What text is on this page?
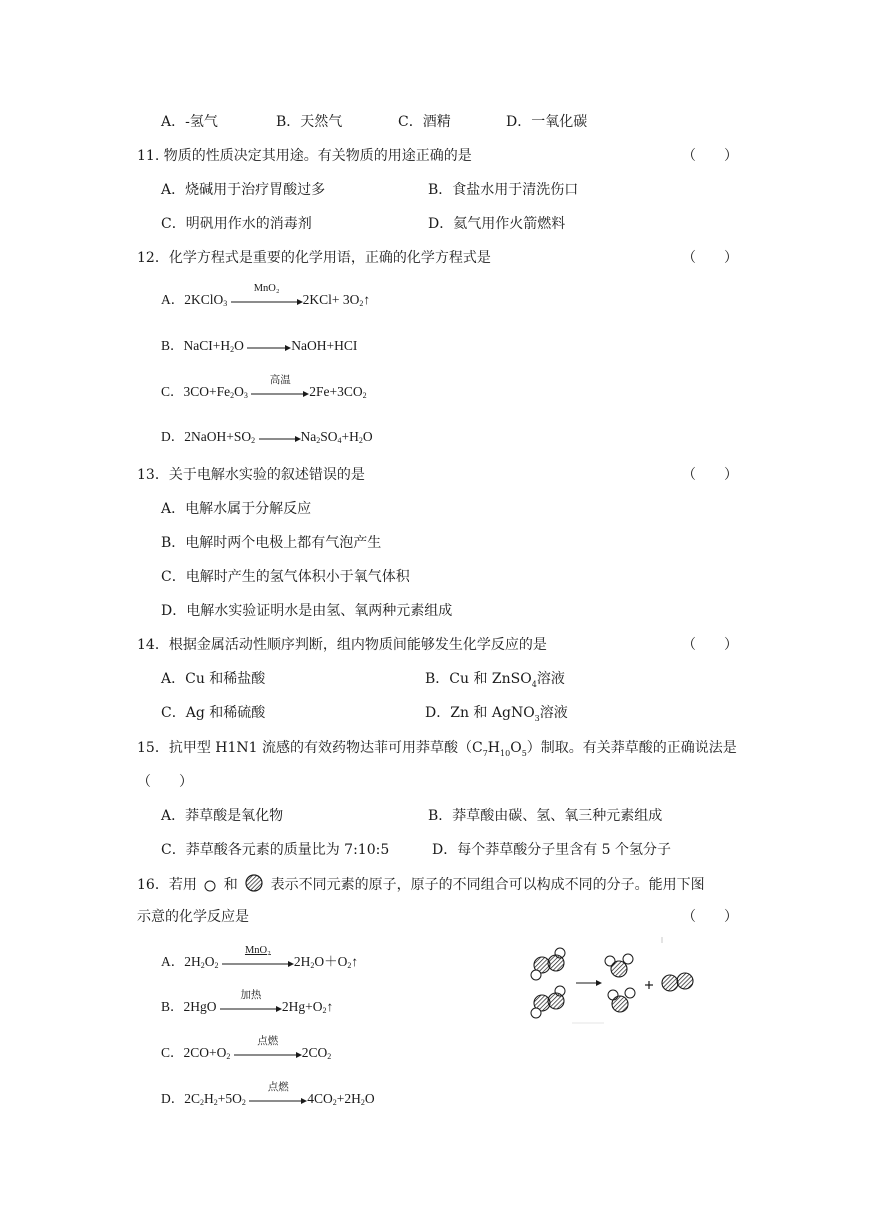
A．-氢气	B．天然气	C．酒精	D．一氧化碳
11. 物质的性质决定其用途。有关物质的用途正确的是	（　　）
A．烧碱用于治疗胃酸过多	B．食盐水用于清洗伤口
C．明矾用作水的消毒剂	D．氦气用作火箭燃料
12．化学方程式是重要的化学用语，正确的化学方程式是	（　　）
A．2KClO$_3$
MnO₂
$2KCl+ 3O_2↑$
B．$NaCI+H_2O$ →NaOH+HCI
C．$3CO+Fe_2O_3$
高温
$2Fe+3CO_2$
D．$2NaOH+SO_2 \to Na_2SO_4+H_2O$
13．关于电解水实验的叙述错误的是	（　　）
A．电解水属于分解反应
B．电解时两个电极上都有气泡产生
C．电解时产生的氢气体积小于氧气体积
D．电解水实验证明水是由氢、氧两种元素组成
14．根据金属活动性顺序判断，组内物质间能够发生化学反应的是	（　　）
A．Cu 和稀盐酸	B．Cu 和 ZnSO$_4$溶液
C．Ag 和稀硫酸	D．Zn 和 AgNO$_3$溶液
15．抗甲型 H1N1 流感的有效药物达菲可用莽草酸$(C_7H_{10}O_5)$制取。有关莽草酸的正确说法是
（　　）
A．莽草酸是氧化物	B．莽草酸由碳、氢、氧三种元素组成
C．莽草酸各元素的质量比为 7:10:5	D．每个莽草酸分子里含有 5 个氢分子
16．若用 和 表示不同元素的原子，原子的不同组合可以构成不同的分子。能用下图
示意的化学反应是	（　　）
A．$2H_2O_2$
MnO₂
$2H_2O+O_2↑$
B．2HgO
加热
$2Hg+O_2↑$
C．$2CO+O_2$
点燃
$2CO_2$
D．$2C_2H_2+5O_2$
点燃
$4CO_2+2H_2O$
